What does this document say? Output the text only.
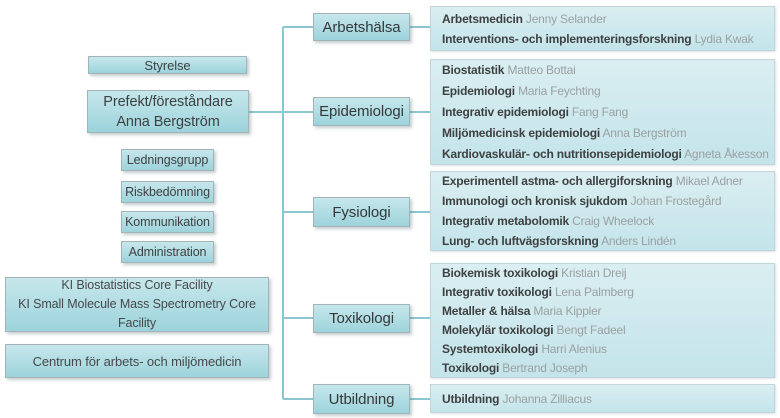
Styrelse
Prefekt/föreståndare
Anna Bergström
Ledningsgrupp
Riskbedömning
Kommunikation
Administration
KI Biostatistics Core Facility
KI Small Molecule Mass Spectrometry Core Facility
Centrum för arbets- och miljömedicin
Arbetshälsa
Epidemiologi
Fysiologi
Toxikologi
Utbildning
Arbetsmedicin Jenny Selander
Interventions- och implementeringsforskning Lydia Kwak
Biostatistik Matteo Bottai
Epidemiologi Maria Feychting
Integrativ epidemiologi Fang Fang
Miljömedicinsk epidemiologi Anna Bergström
Kardiovaskulär- och nutritionsepidemiologi Agneta Åkesson
Experimentell astma- och allergiforskning Mikael Adner
Immunologi och kronisk sjukdom Johan Frostegård
Integrativ metabolomik Craig Wheelock
Lung- och luftvägsforskning Anders Lindén
Biokemisk toxikologi Kristian Dreij
Integrativ toxikologi Lena Palmberg
Metaller & hälsa Maria Kippler
Molekylär toxikologi Bengt Fadeel
Systemtoxikologi Harri Alenius
Toxikologi Bertrand Joseph
Utbildning Johanna Zilliacus
